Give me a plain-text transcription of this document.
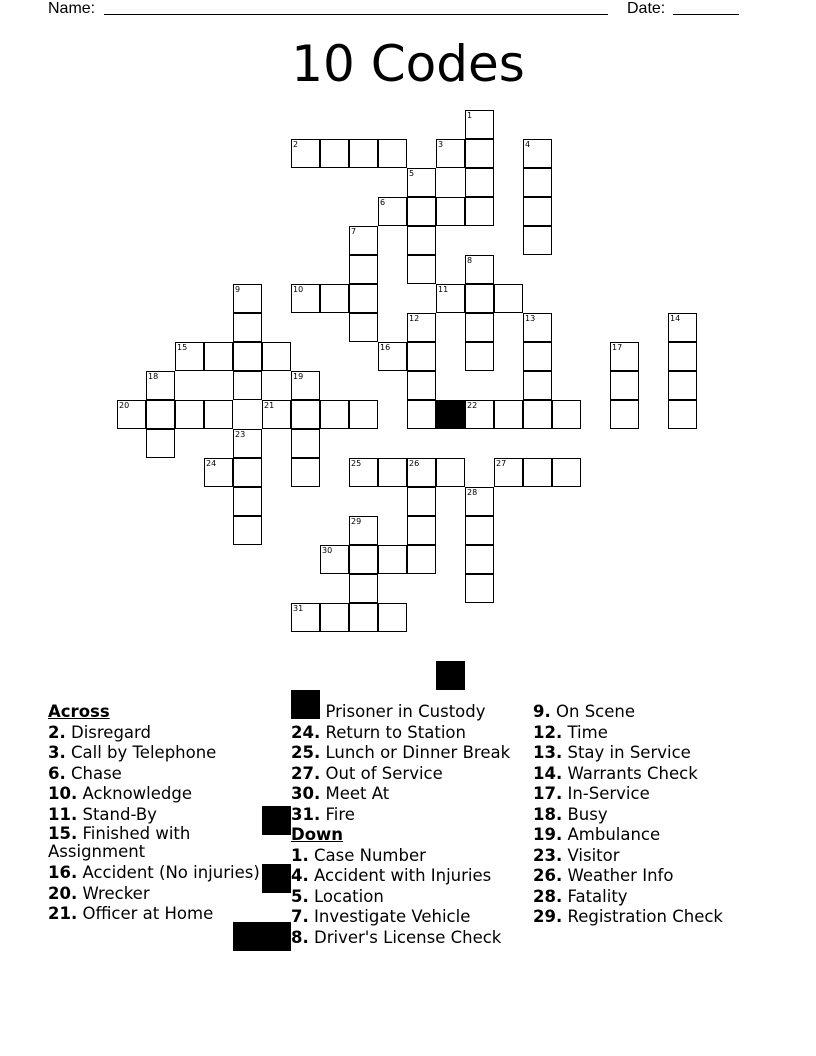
Name:	Date:
10 Codes
1
2	3	4
5
6
7
8
9	10	11
12	13	14
15	16	17
18	19
20	21	22
23
24	25	26	27
28
29
30
31
Across
2. Disregard
3. Call by Telephone
6. Chase
10. Acknowledge
11. Stand-By
15. Finished with Assignment
16. Accident (No injuries)
20. Wrecker
21. Officer at Home
22. Prisoner in Custody
24. Return to Station
25. Lunch or Dinner Break
27. Out of Service
30. Meet At
31. Fire
Down
1. Case Number
4. Accident with Injuries
5. Location
7. Investigate Vehicle
8. Driver's License Check
9. On Scene
12. Time
13. Stay in Service
14. Warrants Check
17. In-Service
18. Busy
19. Ambulance
23. Visitor
26. Weather Info
28. Fatality
29. Registration Check
